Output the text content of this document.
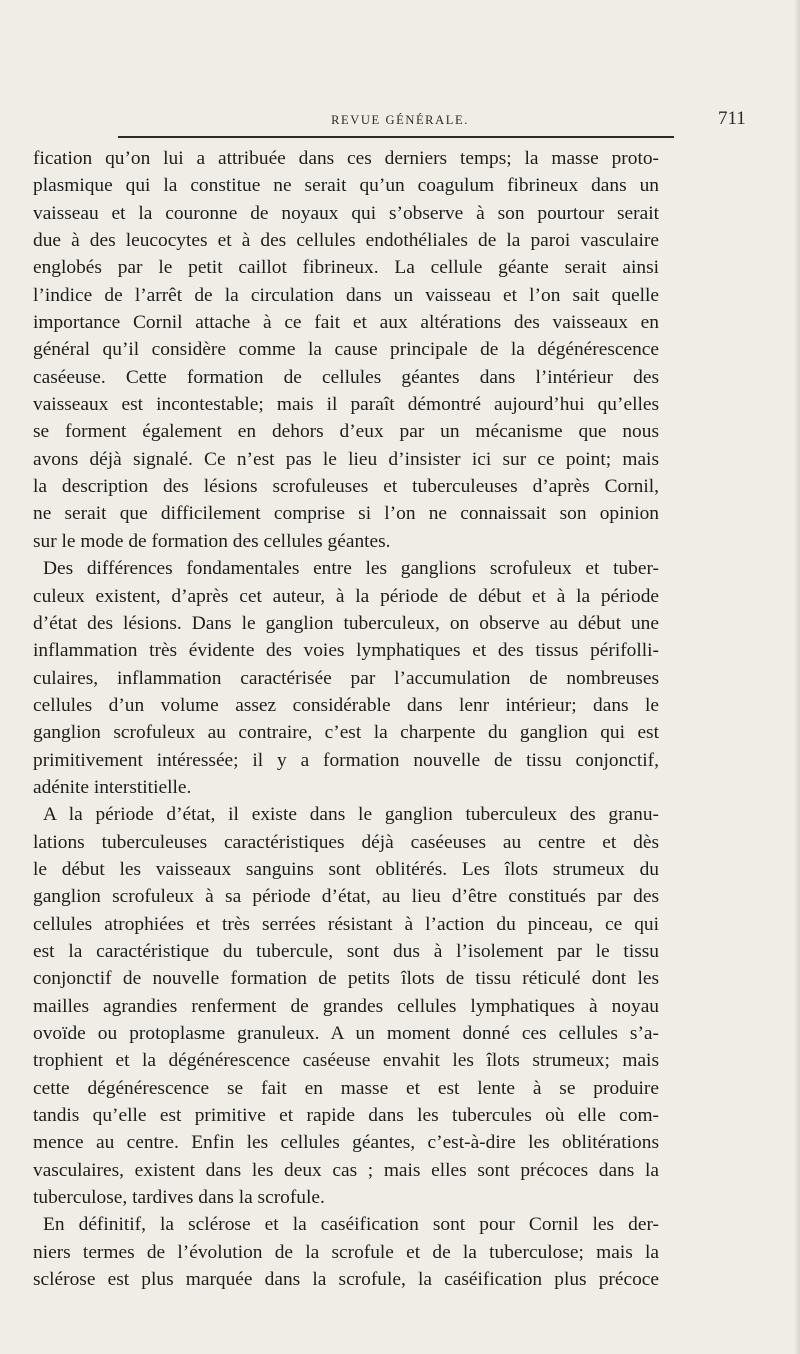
REVUE GÉNÉRALE.	711
fication qu’on lui a attribuée dans ces derniers temps; la masse proto-
plasmique qui la constitue ne serait qu’un coagulum fibrineux dans un
vaisseau et la couronne de noyaux qui s’observe à son pourtour serait
due à des leucocytes et à des cellules endothéliales de la paroi vasculaire
englobés par le petit caillot fibrineux. La cellule géante serait ainsi
l’indice de l’arrêt de la circulation dans un vaisseau et l’on sait quelle
importance Cornil attache à ce fait et aux altérations des vaisseaux en
général qu’il considère comme la cause principale de la dégénérescence
caséeuse. Cette formation de cellules géantes dans l’intérieur des
vaisseaux est incontestable; mais il paraît démontré aujourd’hui qu’elles
se forment également en dehors d’eux par un mécanisme que nous
avons déjà signalé. Ce n’est pas le lieu d’insister ici sur ce point; mais
la description des lésions scrofuleuses et tuberculeuses d’après Cornil,
ne serait que difficilement comprise si l’on ne connaissait son opinion
sur le mode de formation des cellules géantes.
Des différences fondamentales entre les ganglions scrofuleux et tuber-
culeux existent, d’après cet auteur, à la période de début et à la période
d’état des lésions. Dans le ganglion tuberculeux, on observe au début une
inflammation très évidente des voies lymphatiques et des tissus périfolli-
culaires, inflammation caractérisée par l’accumulation de nombreuses
cellules d’un volume assez considérable dans lenr intérieur; dans le
ganglion scrofuleux au contraire, c’est la charpente du ganglion qui est
primitivement intéressée; il y a formation nouvelle de tissu conjonctif,
adénite interstitielle.
A la période d’état, il existe dans le ganglion tuberculeux des granu-
lations tuberculeuses caractéristiques déjà caséeuses au centre et dès
le début les vaisseaux sanguins sont oblitérés. Les îlots strumeux du
ganglion scrofuleux à sa période d’état, au lieu d’être constitués par des
cellules atrophiées et très serrées résistant à l’action du pinceau, ce qui
est la caractéristique du tubercule, sont dus à l’isolement par le tissu
conjonctif de nouvelle formation de petits îlots de tissu réticulé dont les
mailles agrandies renferment de grandes cellules lymphatiques à noyau
ovoïde ou protoplasme granuleux. A un moment donné ces cellules s’a-
trophient et la dégénérescence caséeuse envahit les îlots strumeux; mais
cette dégénérescence se fait en masse et est lente à se produire
tandis qu’elle est primitive et rapide dans les tubercules où elle com-
mence au centre. Enfin les cellules géantes, c’est-à-dire les oblitérations
vasculaires, existent dans les deux cas ; mais elles sont précoces dans la
tuberculose, tardives dans la scrofule.
En définitif, la sclérose et la caséification sont pour Cornil les der-
niers termes de l’évolution de la scrofule et de la tuberculose; mais la
sclérose est plus marquée dans la scrofule, la caséification plus précoce
